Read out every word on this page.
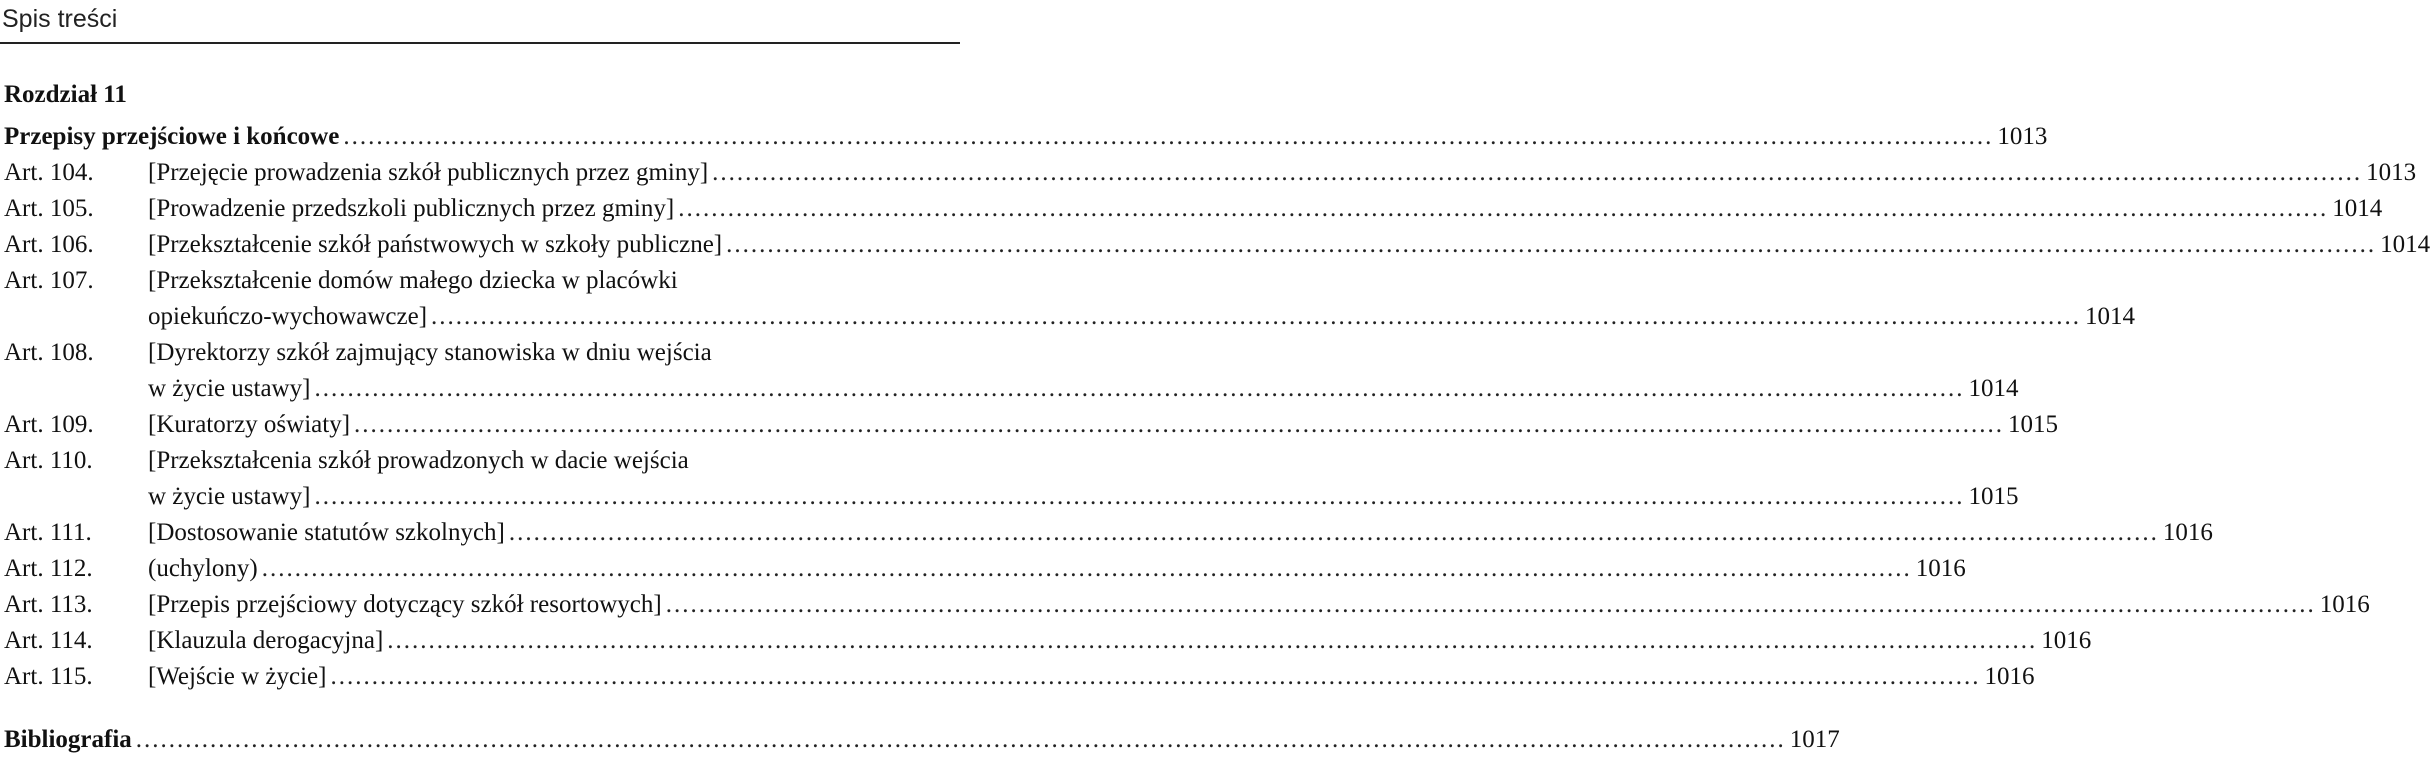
Spis treści
Rozdział 11
Przepisy przejściowe i końcowe ........................................................................................................................................................................................................ 1013
Art. 104.	[Przejęcie prowadzenia szkół publicznych przez gminy] ........................................................................................................................................................................................................ 1013
Art. 105.	[Prowadzenie przedszkoli publicznych przez gminy] ........................................................................................................................................................................................................ 1014
Art. 106.	[Przekształcenie szkół państwowych w szkoły publiczne] ........................................................................................................................................................................................................ 1014
Art. 107.	[Przekształcenie domów małego dziecka w placówki
opiekuńczo-wychowawcze] ........................................................................................................................................................................................................ 1014
Art. 108.	[Dyrektorzy szkół zajmujący stanowiska w dniu wejścia
w życie ustawy] ........................................................................................................................................................................................................ 1014
Art. 109.	[Kuratorzy oświaty] ........................................................................................................................................................................................................ 1015
Art. 110.	[Przekształcenia szkół prowadzonych w dacie wejścia
w życie ustawy] ........................................................................................................................................................................................................ 1015
Art. 111.	[Dostosowanie statutów szkolnych] ........................................................................................................................................................................................................ 1016
Art. 112.	(uchylony) ........................................................................................................................................................................................................ 1016
Art. 113.	[Przepis przejściowy dotyczący szkół resortowych] ........................................................................................................................................................................................................ 1016
Art. 114.	[Klauzula derogacyjna] ........................................................................................................................................................................................................ 1016
Art. 115.	[Wejście w życie] ........................................................................................................................................................................................................ 1016
Bibliografia ........................................................................................................................................................................................................ 1017
